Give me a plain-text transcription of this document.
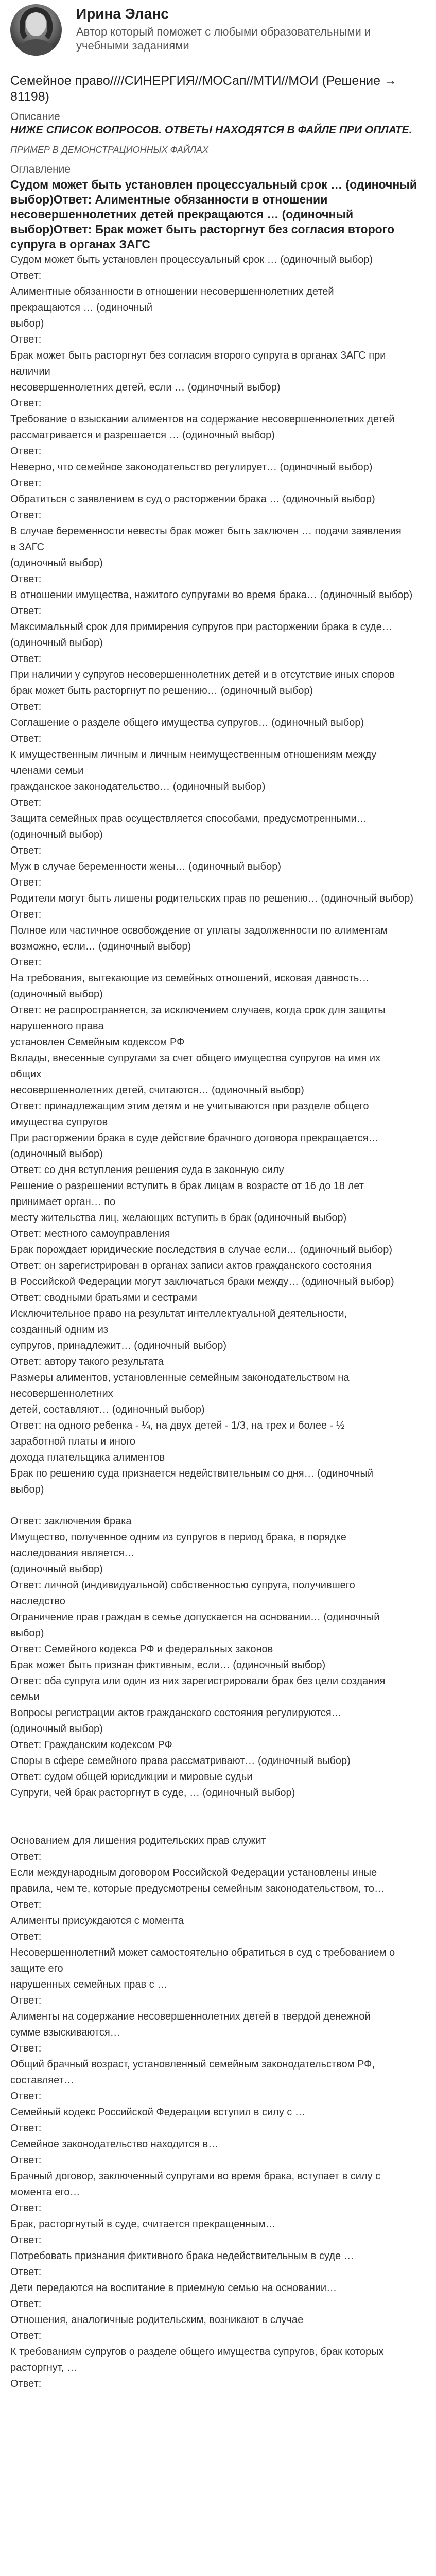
Ирина Эланс
Автор который поможет с любыми образовательными и учебными заданиями
Семейное право////СИНЕРГИЯ//МОСап//МТИ//МОИ (Решение → 81198)
Описание
НИЖЕ СПИСОК ВОПРОСОВ. ОТВЕТЫ НАХОДЯТСЯ В ФАЙЛЕ ПРИ ОПЛАТЕ.
ПРИМЕР В ДЕМОНСТРАЦИОННЫХ ФАЙЛАХ
Оглавление
Судом может быть установлен процессуальный срок … (одиночный выбор)Ответ: Алиментные обязанности в отношении несовершеннолетних детей прекращаются … (одиночный выбор)Ответ: Брак может быть расторгнут без согласия второго супруга в органах ЗАГС
Судом может быть установлен процессуальный срок … (одиночный выбор)
Ответ:
Алиментные обязанности в отношении несовершеннолетних детей
прекращаются … (одиночный
выбор)
Ответ:
Брак может быть расторгнут без согласия второго супруга в органах ЗАГС при
наличии
несовершеннолетних детей, если … (одиночный выбор)
Ответ:
Требование о взыскании алиментов на содержание несовершеннолетних детей
рассматривается и разрешается … (одиночный выбор)
Ответ:
Неверно, что семейное законодательство регулирует… (одиночный выбор)
Ответ:
Обратиться с заявлением в суд о расторжении брака … (одиночный выбор)
Ответ:
В случае беременности невесты брак может быть заключен … подачи заявления
в ЗАГС
(одиночный выбор)
Ответ:
В отношении имущества, нажитого супругами во время брака… (одиночный выбор)
Ответ:
Максимальный срок для примирения супругов при расторжении брака в суде…
(одиночный выбор)
Ответ:
При наличии у супругов несовершеннолетних детей и в отсутствие иных споров
брак может быть расторгнут по решению… (одиночный выбор)
Ответ:
Соглашение о разделе общего имущества супругов… (одиночный выбор)
Ответ:
К имущественным личным и личным неимущественным отношениям между
членами семьи
гражданское законодательство… (одиночный выбор)
Ответ:
Защита семейных прав осуществляется способами, предусмотренными…
(одиночный выбор)
Ответ:
Муж в случае беременности жены… (одиночный выбор)
Ответ:
Родители могут быть лишены родительских прав по решению… (одиночный выбор)
Ответ:
Полное или частичное освобождение от уплаты задолженности по алиментам
возможно, если… (одиночный выбор)
Ответ:
На требования, вытекающие из семейных отношений, исковая давность…
(одиночный выбор)
Ответ: не распространяется, за исключением случаев, когда срок для защиты
нарушенного права
установлен Семейным кодексом РФ
Вклады, внесенные супругами за счет общего имущества супругов на имя их
общих
несовершеннолетних детей, считаются… (одиночный выбор)
Ответ: принадлежащим этим детям и не учитываются при разделе общего
имущества супругов
При расторжении брака в суде действие брачного договора прекращается…
(одиночный выбор)
Ответ: со дня вступления решения суда в законную силу
Решение о разрешении вступить в брак лицам в возрасте от 16 до 18 лет
принимает орган… по
месту жительства лиц, желающих вступить в брак (одиночный выбор)
Ответ: местного самоуправления
Брак порождает юридические последствия в случае если… (одиночный выбор)
Ответ: он зарегистрирован в органах записи актов гражданского состояния
В Российской Федерации могут заключаться браки между… (одиночный выбор)
Ответ: сводными братьями и сестрами
Исключительное право на результат интеллектуальной деятельности,
созданный одним из
супругов, принадлежит… (одиночный выбор)
Ответ: автору такого результата
Размеры алиментов, установленные семейным законодательством на
несовершеннолетних
детей, составляют… (одиночный выбор)
Ответ: на одного ребенка - ¼, на двух детей - 1/3, на трех и более - ½
заработной платы и иного
дохода плательщика алиментов
Брак по решению суда признается недействительным со дня… (одиночный
выбор)
Ответ: заключения брака
Имущество, полученное одним из супругов в период брака, в порядке
наследования является…
(одиночный выбор)
Ответ: личной (индивидуальной) собственностью супруга, получившего
наследство
Ограничение прав граждан в семье допускается на основании… (одиночный
выбор)
Ответ: Семейного кодекса РФ и федеральных законов
Брак может быть признан фиктивным, если… (одиночный выбор)
Ответ: оба супруга или один из них зарегистрировали брак без цели создания
семьи
Вопросы регистрации актов гражданского состояния регулируются…
(одиночный выбор)
Ответ: Гражданским кодексом РФ
Споры в сфере семейного права рассматривают… (одиночный выбор)
Ответ: судом общей юрисдикции и мировые судьи
Супруги, чей брак расторгнут в суде, … (одиночный выбор)
Основанием для лишения родительских прав служит
Ответ:
Если международным договором Российской Федерации установлены иные
правила, чем те, которые предусмотрены семейным законодательством, то…
Ответ:
Алименты присуждаются с момента
Ответ:
Несовершеннолетний может самостоятельно обратиться в суд с требованием о
защите его
нарушенных семейных прав с …
Ответ:
Алименты на содержание несовершеннолетних детей в твердой денежной
сумме взыскиваются…
Ответ:
Общий брачный возраст, установленный семейным законодательством РФ,
составляет…
Ответ:
Семейный кодекс Российской Федерации вступил в силу с …
Ответ:
Семейное законодательство находится в…
Ответ:
Брачный договор, заключенный супругами во время брака, вступает в силу с
момента его…
Ответ:
Брак, расторгнутый в суде, считается прекращенным…
Ответ:
Потребовать признания фиктивного брака недействительным в суде …
Ответ:
Дети передаются на воспитание в приемную семью на основании…
Ответ:
Отношения, аналогичные родительским, возникают в случае
Ответ:
К требованиям супругов о разделе общего имущества супругов, брак которых
расторгнут, …
Ответ:
